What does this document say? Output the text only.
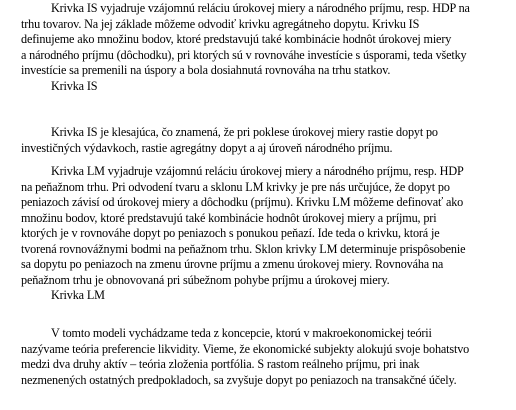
Krivka IS vyjadruje vzájomnú reláciu úrokovej miery a národného príjmu, resp. HDP na
trhu tovarov. Na jej základe môžeme odvodiť krivku agregátneho dopytu. Krivku IS
definujeme ako množinu bodov, ktoré predstavujú také kombinácie hodnôt úrokovej miery
a národného príjmu (dôchodku), pri ktorých sú v rovnováhe investície s úsporami, teda všetky
investície sa premenili na úspory a bola dosiahnutá rovnováha na trhu statkov.
Krivka IS
Krivka IS je klesajúca, čo znamená, že pri poklese úrokovej miery rastie dopyt po
investičných výdavkoch, rastie agregátny dopyt a aj úroveň národného príjmu.
Krivka LM vyjadruje vzájomnú reláciu úrokovej miery a národného príjmu, resp. HDP
na peňažnom trhu. Pri odvodení tvaru a sklonu LM krivky je pre nás určujúce, že dopyt po
peniazoch závisí od úrokovej miery a dôchodku (príjmu). Krivku LM môžeme definovať ako
množinu bodov, ktoré predstavujú také kombinácie hodnôt úrokovej miery a príjmu, pri
ktorých je v rovnováhe dopyt po peniazoch s ponukou peňazí. Ide teda o krivku, ktorá je
tvorená rovnovážnymi bodmi na peňažnom trhu. Sklon krivky LM determinuje prispôsobenie
sa dopytu po peniazoch na zmenu úrovne príjmu a zmenu úrokovej miery. Rovnováha na
peňažnom trhu je obnovovaná pri súbežnom pohybe príjmu a úrokovej miery.
Krivka LM
V tomto modeli vychádzame teda z koncepcie, ktorú v makroekonomickej teórii
nazývame teória preferencie likvidity. Vieme, že ekonomické subjekty alokujú svoje bohatstvo
medzi dva druhy aktív – teória zloženia portfólia. S rastom reálneho príjmu, pri inak
nezmenených ostatných predpokladoch, sa zvyšuje dopyt po peniazoch na transakčné účely.
